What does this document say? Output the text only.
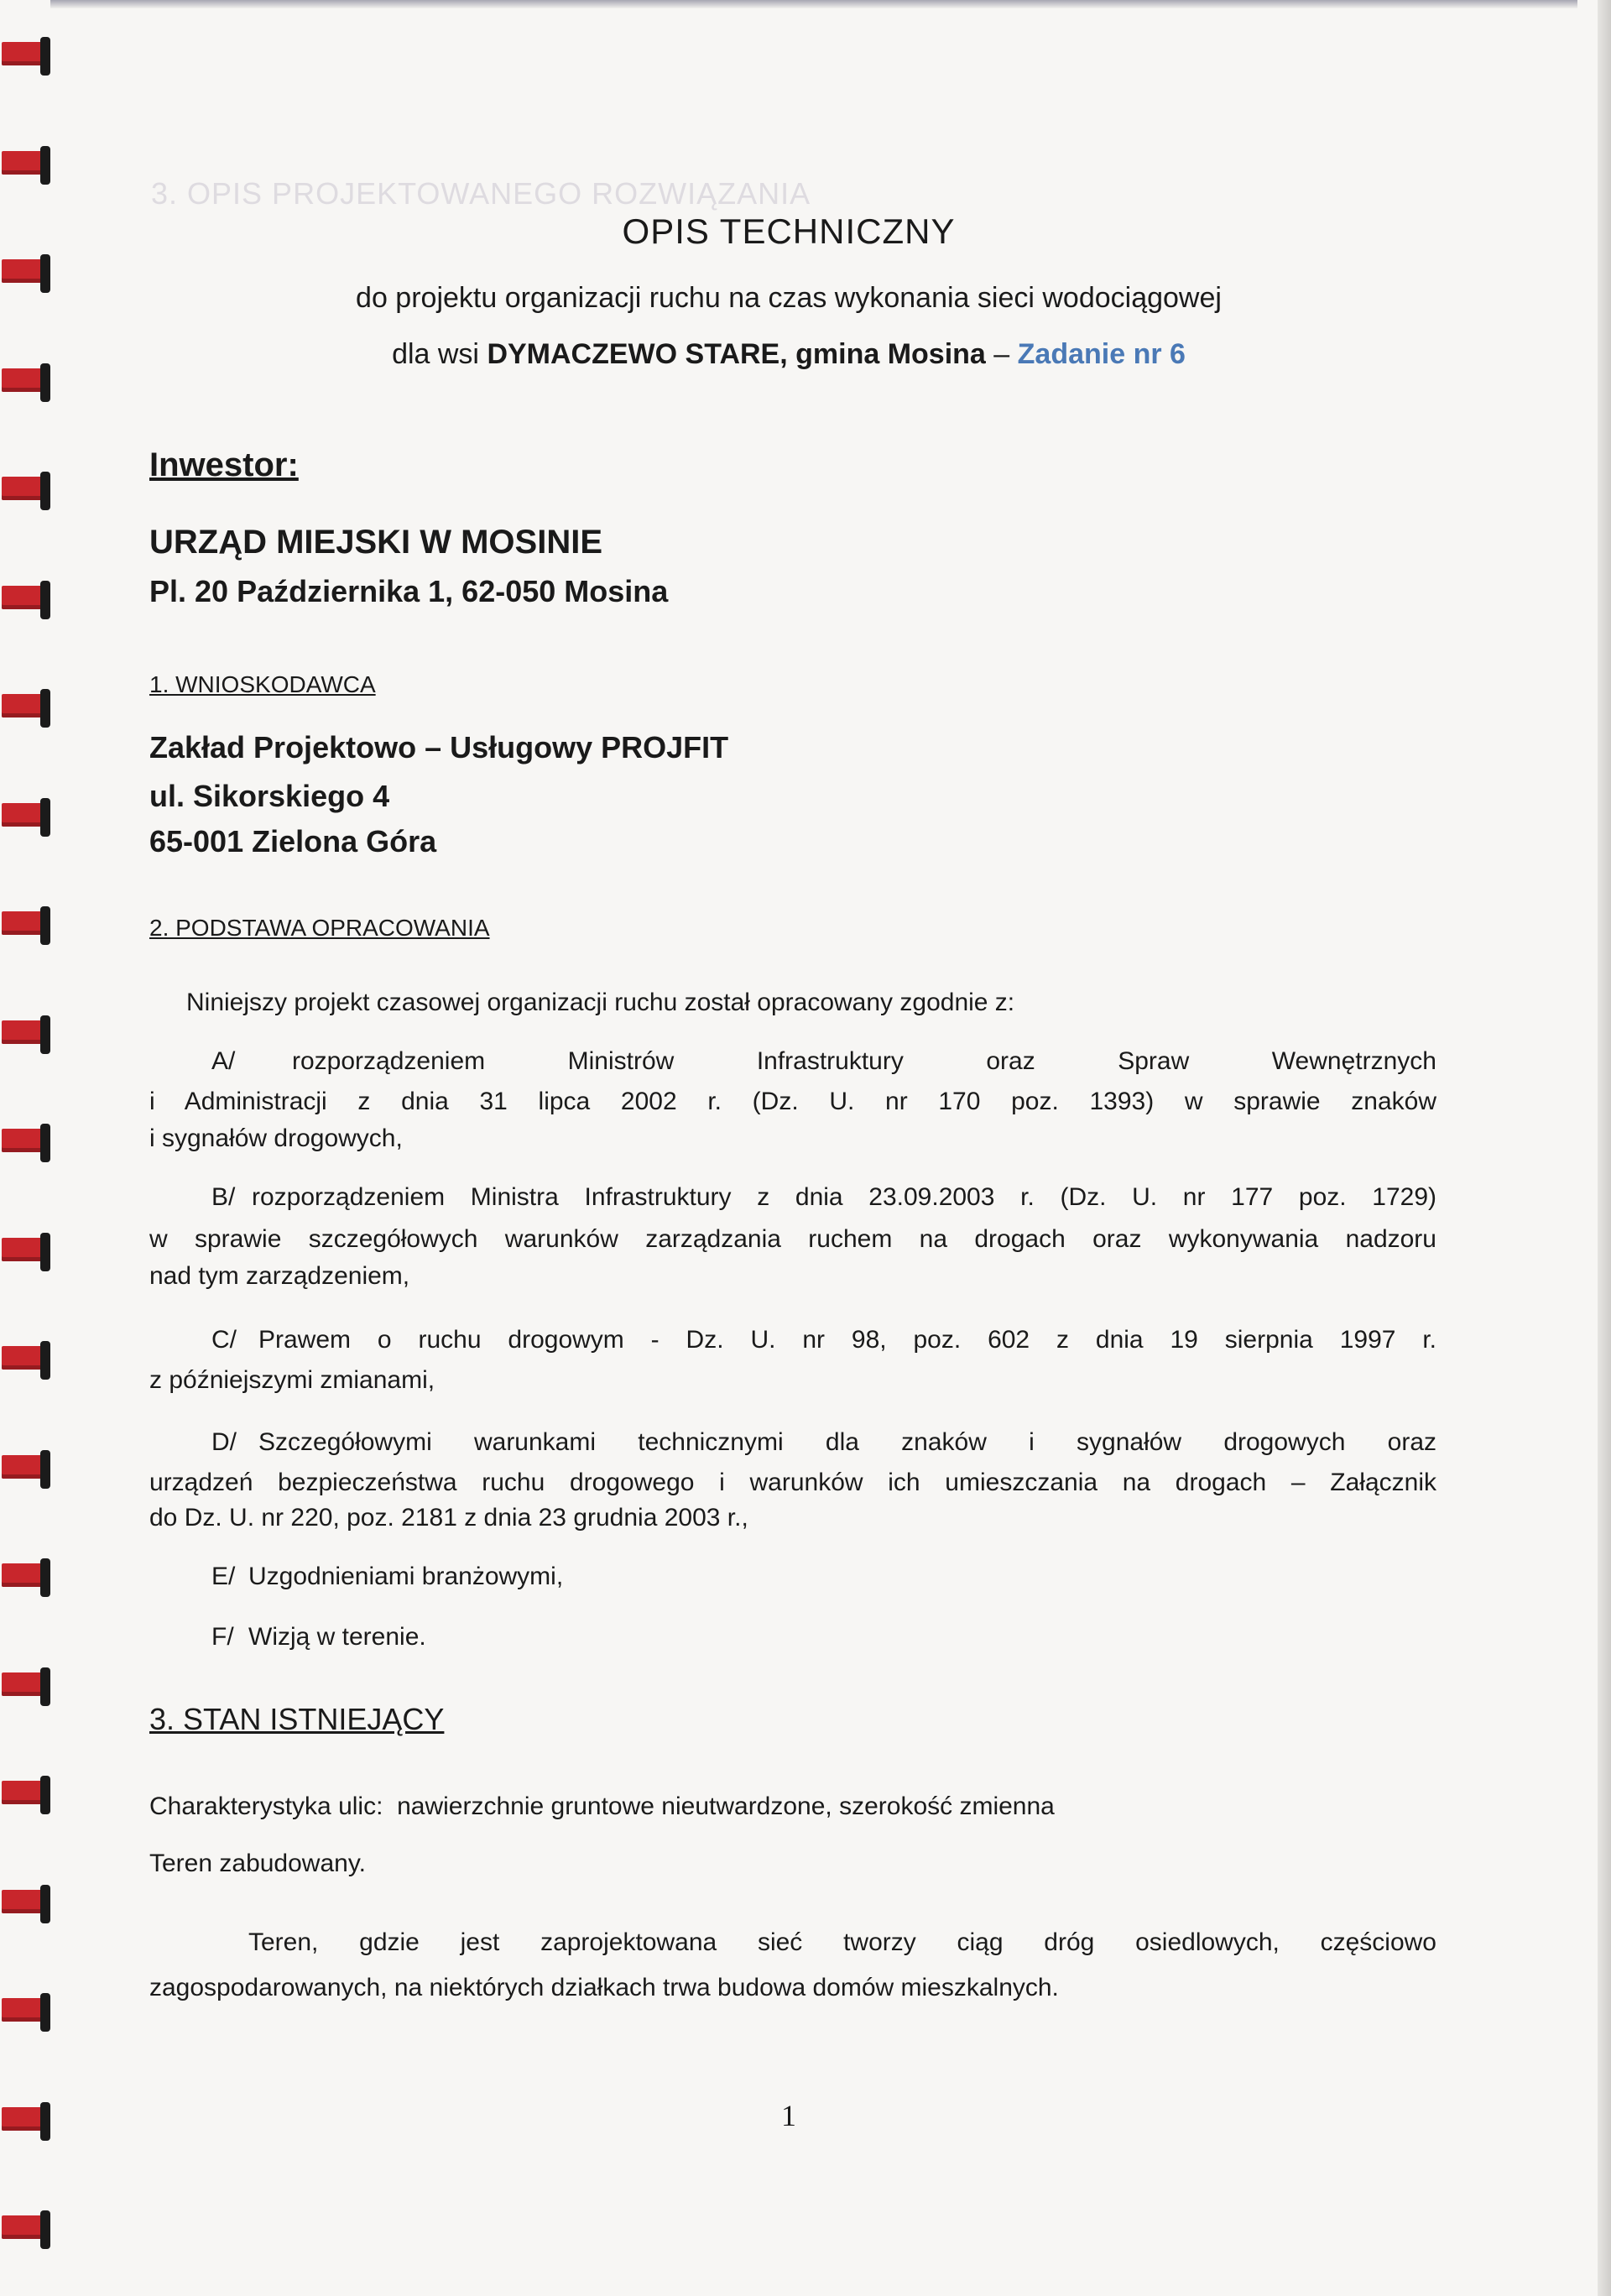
3. OPIS PROJEKTOWANEGO ROZWIĄZANIA
OPIS TECHNICZNY
do projektu organizacji ruchu na czas wykonania sieci wodociągowej
dla wsi DYMACZEWO STARE, gmina Mosina – Zadanie nr 6
Inwestor:
URZĄD MIEJSKI W MOSINIE
Pl. 20 Października 1, 62-050 Mosina
1. WNIOSKODAWCA
Zakład Projektowo – Usługowy PROJFIT
ul. Sikorskiego 4
65-001 Zielona Góra
2. PODSTAWA OPRACOWANIA
Niniejszy projekt czasowej organizacji ruchu został opracowany zgodnie z:
A/ rozporządzeniem	Ministrów	Infrastruktury	oraz	Spraw	Wewnętrznych
i Administracji z dnia 31 lipca 2002 r. (Dz. U. nr 170 poz. 1393) w sprawie znaków
i sygnałów drogowych,
B/ rozporządzeniem Ministra Infrastruktury z dnia 23.09.2003 r. (Dz. U. nr 177 poz. 1729)
w sprawie szczegółowych warunków zarządzania ruchem na drogach oraz wykonywania nadzoru
nad tym zarządzeniem,
C/ Prawem o ruchu drogowym - Dz. U. nr 98, poz. 602 z dnia 19 sierpnia 1997 r.
z późniejszymi zmianami,
D/ Szczegółowymi warunkami technicznymi dla znaków i sygnałów drogowych oraz
urządzeń bezpieczeństwa ruchu drogowego i warunków ich umieszczania na drogach – Załącznik
do Dz. U. nr 220, poz. 2181 z dnia 23 grudnia 2003 r.,
E/ Uzgodnieniami branżowymi,
F/ Wizją w terenie.
3. STAN ISTNIEJĄCY
Charakterystyka ulic: nawierzchnie gruntowe nieutwardzone, szerokość zmienna
Teren zabudowany.
Teren, gdzie jest zaprojektowana sieć tworzy ciąg dróg osiedlowych, częściowo
zagospodarowanych, na niektórych działkach trwa budowa domów mieszkalnych.
1
